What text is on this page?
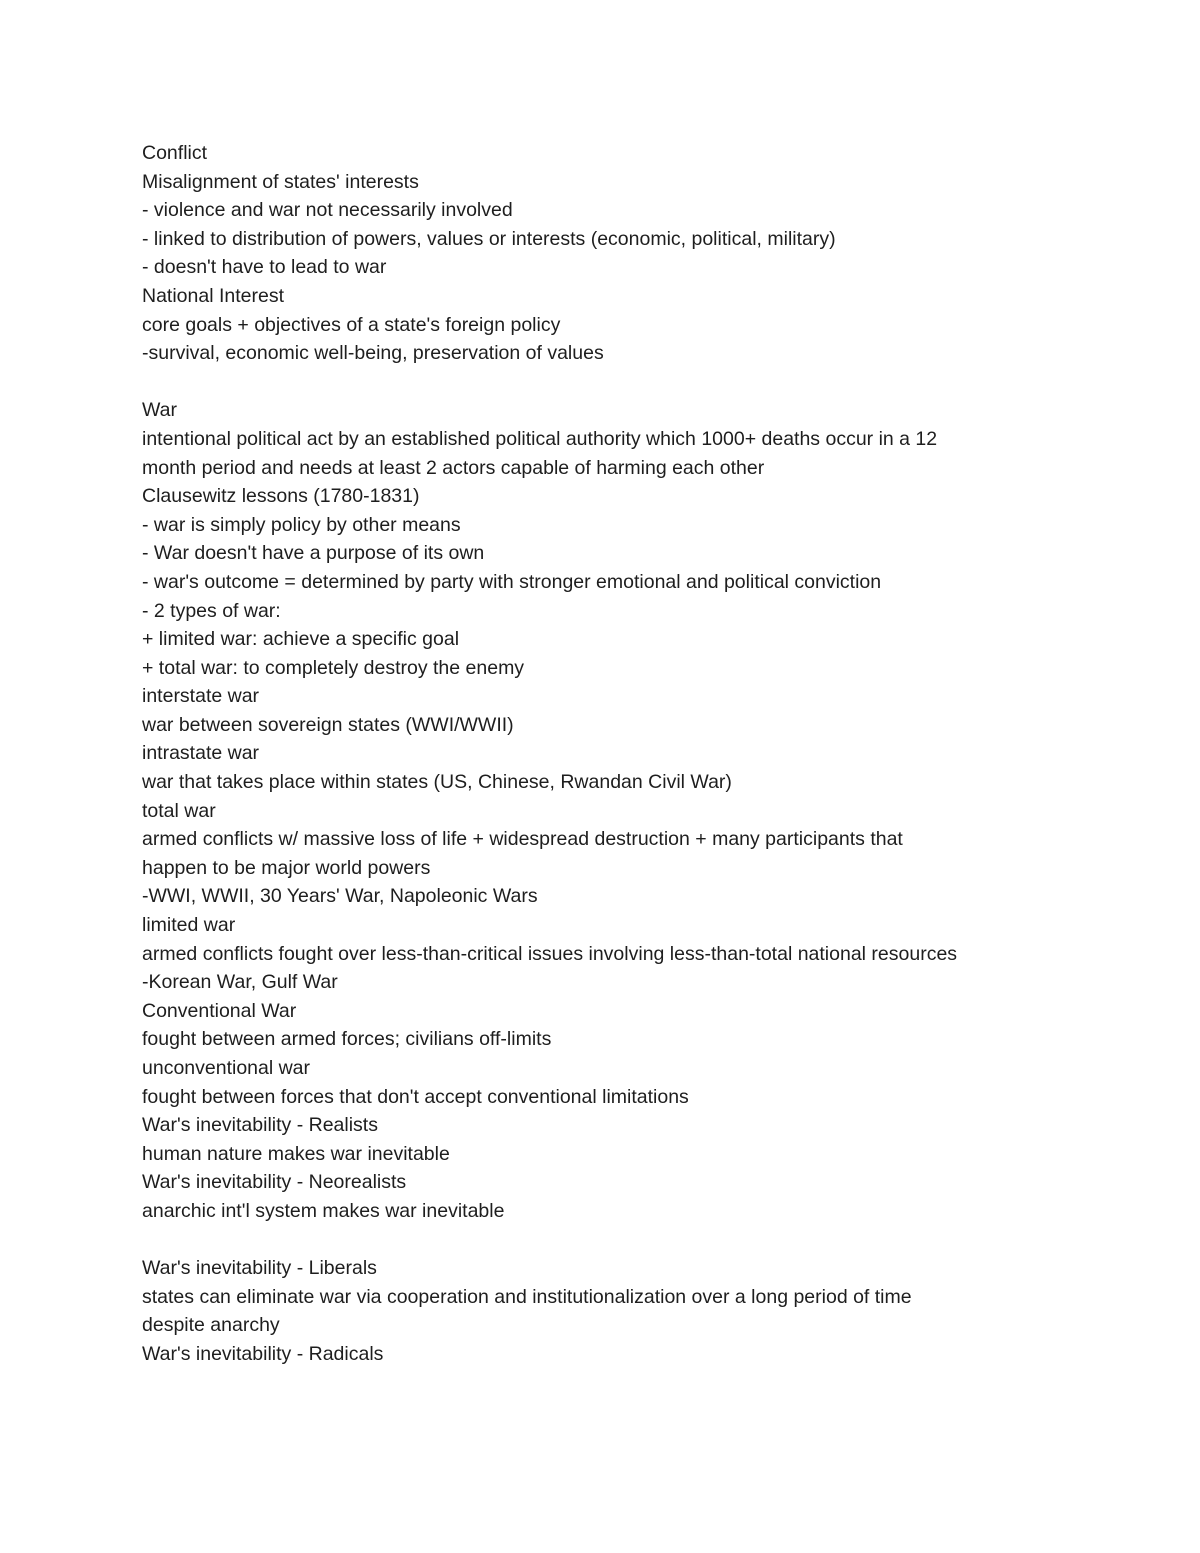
Conflict
Misalignment of states' interests
- violence and war not necessarily involved
- linked to distribution of powers, values or interests (economic, political, military)
- doesn't have to lead to war
National Interest
core goals + objectives of a state's foreign policy
-survival, economic well-being, preservation of values
War
intentional political act by an established political authority which 1000+ deaths occur in a 12
month period and needs at least 2 actors capable of harming each other
Clausewitz lessons (1780-1831)
- war is simply policy by other means
- War doesn't have a purpose of its own
- war's outcome = determined by party with stronger emotional and political conviction
- 2 types of war:
+ limited war: achieve a specific goal
+ total war: to completely destroy the enemy
interstate war
war between sovereign states (WWI/WWII)
intrastate war
war that takes place within states (US, Chinese, Rwandan Civil War)
total war
armed conflicts w/ massive loss of life + widespread destruction + many participants that
happen to be major world powers
-WWI, WWII, 30 Years' War, Napoleonic Wars
limited war
armed conflicts fought over less-than-critical issues involving less-than-total national resources
-Korean War, Gulf War
Conventional War
fought between armed forces; civilians off-limits
unconventional war
fought between forces that don't accept conventional limitations
War's inevitability - Realists
human nature makes war inevitable
War's inevitability - Neorealists
anarchic int'l system makes war inevitable
War's inevitability - Liberals
states can eliminate war via cooperation and institutionalization over a long period of time
despite anarchy
War's inevitability - Radicals
